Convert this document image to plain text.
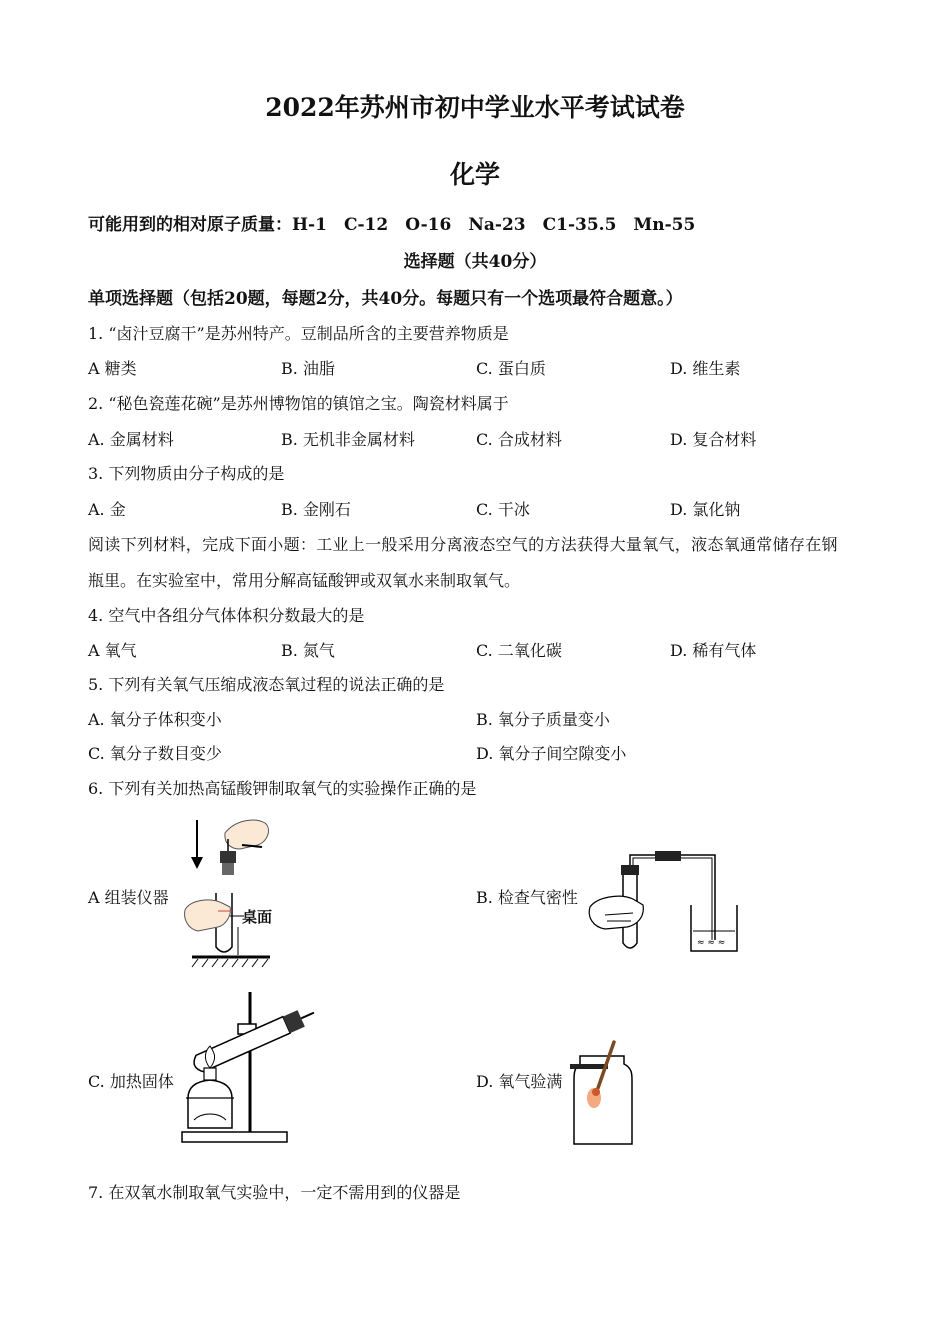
2022年苏州市初中学业水平考试试卷
化学
可能用到的相对原子质量：H-1　C-12　O-16　Na-23　C1-35.5　Mn-55
选择题（共40分）
单项选择题（包括20题，每题2分，共40分。每题只有一个选项最符合题意。）
1. “卤汁豆腐干”是苏州特产。豆制品所含的主要营养物质是
A 糖类	B. 油脂	C. 蛋白质	D. 维生素
2. “秘色瓷莲花碗”是苏州博物馆的镇馆之宝。陶瓷材料属于
A. 金属材料	B. 无机非金属材料	C. 合成材料	D. 复合材料
3. 下列物质由分子构成的是
A. 金	B. 金刚石	C. 干冰	D. 氯化钠
阅读下列材料，完成下面小题：工业上一般采用分离液态空气的方法获得大量氧气，液态氧通常储存在钢
瓶里。在实验室中，常用分解高锰酸钾或双氧水来制取氧气。
4. 空气中各组分气体体积分数最大的是
A 氧气	B. 氮气	C. 二氧化碳	D. 稀有气体
5. 下列有关氧气压缩成液态氧过程的说法正确的是
A. 氧分子体积变小	B. 氧分子质量变小
C. 氧分子数目变少	D. 氧分子间空隙变小
6. 下列有关加热高锰酸钾制取氧气的实验操作正确的是
A 组装仪器	B. 检查气密性
C. 加热固体	D. 氧气验满
桌面
≈ ≈ ≈
7. 在双氧水制取氧气实验中，一定不需用到的仪器是
